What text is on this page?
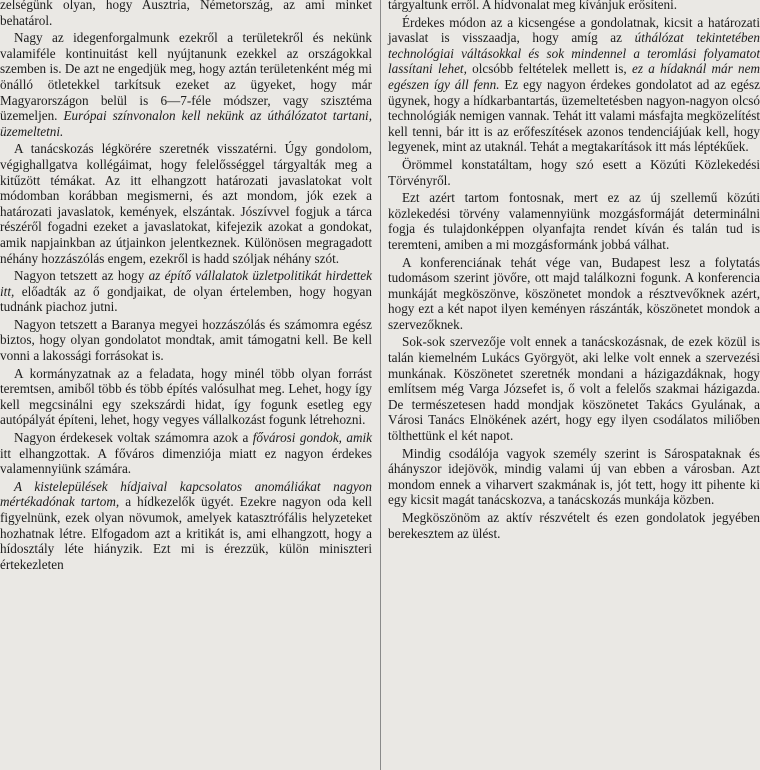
zelségünk olyan, hogy Ausztria, Németország, az ami minket behatárol.

Nagy az idegenforgalmunk ezekről a területekről és nekünk valamiféle kontinuitást kell nyújtanunk ezekkel az országokkal szemben is. De azt ne engedjük meg, hogy aztán területenként még mi önálló ötletekkel tarkítsuk ezeket az ügyeket, hogy már Magyarországon belül is 6—7-féle módszer, vagy szisztéma üzemeljen. Európai színvonalon kell nekünk az úthálózatot tartani, üzemeltetni.

A tanácskozás légkörére szeretnék visszatérni. Úgy gondolom, végighallgatva kollégáimat, hogy felelősséggel tárgyalták meg a kitűzött témákat. Az itt elhangzott határozati javaslatokat volt módomban korábban megismerni, és azt mondom, jók ezek a határozati javaslatok, kemények, elszántak. Jószívvel fogjuk a tárca részéről fogadni ezeket a javaslatokat, kifejezik azokat a gondokat, amik napjainkban az útjainkon jelentkeznek. Különösen megragadott néhány hozzászólás engem, ezekről is hadd szóljak néhány szót.

Nagyon tetszett az hogy az építő vállalatok üzletpolitikát hirdettek itt, előadták az ő gondjaikat, de olyan értelemben, hogy hogyan tudnánk piachoz jutni.

Nagyon tetszett a Baranya megyei hozzászólás és számomra egész biztos, hogy olyan gondolatot mondtak, amit támogatni kell. Be kell vonni a lakossági forrásokat is.

A kormányzatnak az a feladata, hogy minél több olyan forrást teremtsen, amiből több és több építés valósulhat meg. Lehet, hogy így kell megcsinálni egy szekszárdi hidat, így fogunk esetleg egy autópályát építeni, lehet, hogy vegyes vállalkozást fogunk létrehozni.

Nagyon érdekesek voltak számomra azok a fővárosi gondok, amik itt elhangzottak. A főváros dimenziója miatt ez nagyon érdekes valamennyiünk számára.

A kistelepülések hídjaival kapcsolatos anomáliákat nagyon mértékadónak tartom, a hídkezelők ügyét. Ezekre nagyon oda kell figyelnünk, ezek olyan növumok, amelyek katasztrófális helyzeteket hozhatnak létre. Elfogadom azt a kritikát is, ami elhangzott, hogy a hídosztály léte hiányzik. Ezt mi is érezzük, külön miniszteri értekezleten

tárgyaltunk erről. A hídvonalat meg kívánjuk erősíteni.

Érdekes módon az a kicsengése a gondolatnak, kicsit a határozati javaslat is visszaadja, hogy amíg az úthálózat tekintetében technológiai váltásokkal és sok mindennel a teromlási folyamatot lassítani lehet, olcsóbb feltételek mellett is, ez a hídaknál már nem egészen így áll fenn. Ez egy nagyon érdekes gondolatot ad az egész ügynek, hogy a hídkarbantartás, üzemeltetésben nagyon-nagyon olcsó technológiák nemigen vannak. Tehát itt valami másfajta megközelítést kell tenni, bár itt is az erőfeszítések azonos tendenciájúak kell, hogy legyenek, mint az utaknál. Tehát a megtakarítások itt más léptékűek.

Örömmel konstatáltam, hogy szó esett a Közúti Közlekedési Törvényről.

Ezt azért tartom fontosnak, mert ez az új szellemű közúti közlekedési törvény valamennyiünk mozgásformáját determinálni fogja és tulajdonképpen olyanfajta rendet kíván és talán tud is teremteni, amiben a mi mozgásformánk jobbá válhat.

A konferenciának tehát vége van, Budapest lesz a folytatás tudomásom szerint jövőre, ott majd találkozni fogunk. A konferencia munkáját megköszönve, köszönetet mondok a résztvevőknek azért, hogy ezt a két napot ilyen keményen rászánták, köszönetet mondok a szervezőknek.

Sok-sok szervezője volt ennek a tanácskozásnak, de ezek közül is talán kiemelném Lukács Györgyöt, aki lelke volt ennek a szervezési munkának. Köszönetet szeretnék mondani a házigazdáknak, hogy említsem még Varga Józsefet is, ő volt a felelős szakmai házigazda. De természetesen hadd mondjak köszönetet Takács Gyulának, a Városi Tanács Elnökének azért, hogy egy ilyen csodálatos miliőben tölthettünk el két napot.

Mindig csodálója vagyok személy szerint is Sárospataknak és áhányszor idejövök, mindig valami új van ebben a városban. Azt mondom ennek a viharvert szakmának is, jót tett, hogy itt pihente ki egy kicsit magát tanácskozva, a tanácskozás munkája közben.

Megköszönöm az aktív részvételt és ezen gondolatok jegyében berekesztem az ülést.
